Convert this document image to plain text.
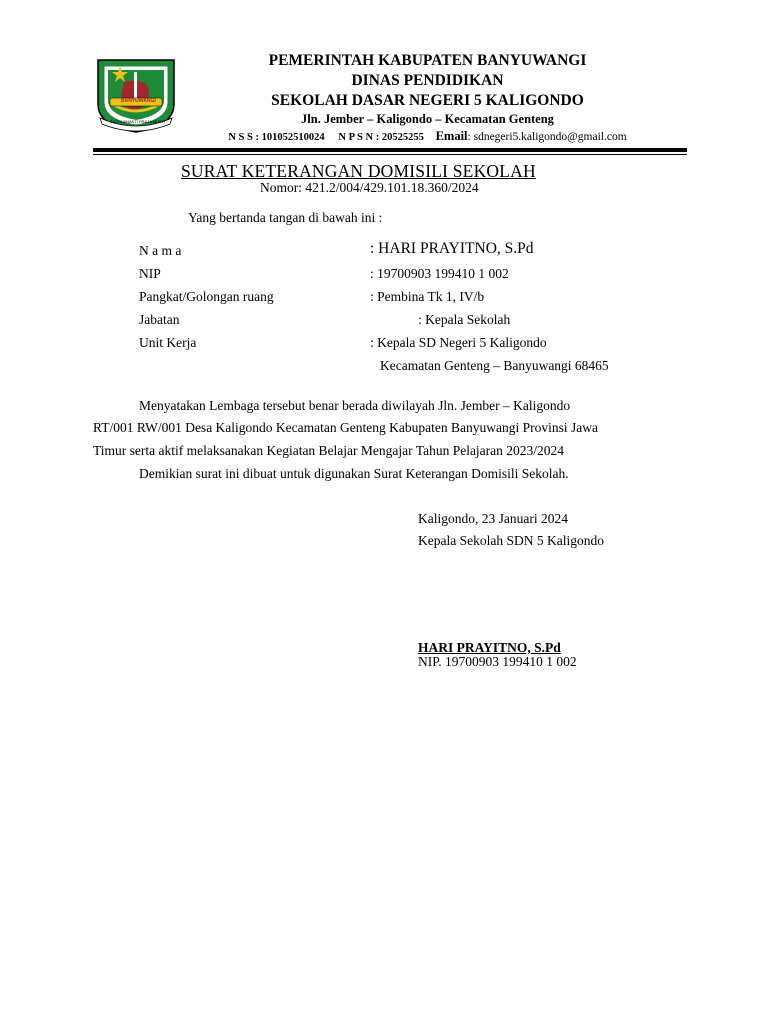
BANYUWANGI
SATYA BHAKTI PRAJA MUKTI
PEMERINTAH KABUPATEN BANYUWANGI
DINAS PENDIDIKAN
SEKOLAH DASAR NEGERI 5 KALIGONDO
Jln. Jember – Kaligondo – Kecamatan Genteng
N S S : 101052510024 N P S N : 20525255 Email: sdnegeri5.kaligondo@gmail.com
SURAT KETERANGAN DOMISILI SEKOLAH
Nomor: 421.2/004/429.101.18.360/2024
Yang bertanda tangan di bawah ini :
N a m a	: HARI PRAYITNO, S.Pd
NIP	: 19700903 199410 1 002
Pangkat/Golongan ruang	: Pembina Tk 1, IV/b
Jabatan	: Kepala Sekolah
Unit Kerja	: Kepala SD Negeri 5 Kaligondo
Kecamatan Genteng – Banyuwangi 68465
Menyatakan Lembaga tersebut benar berada diwilayah Jln. Jember – Kaligondo
RT/001 RW/001 Desa Kaligondo Kecamatan Genteng Kabupaten Banyuwangi Provinsi Jawa
Timur serta aktif melaksanakan Kegiatan Belajar Mengajar Tahun Pelajaran 2023/2024
Demikian surat ini dibuat untuk digunakan Surat Keterangan Domisili Sekolah.
Kaligondo, 23 Januari 2024
Kepala Sekolah SDN 5 Kaligondo
HARI PRAYITNO, S.Pd
NIP. 19700903 199410 1 002
